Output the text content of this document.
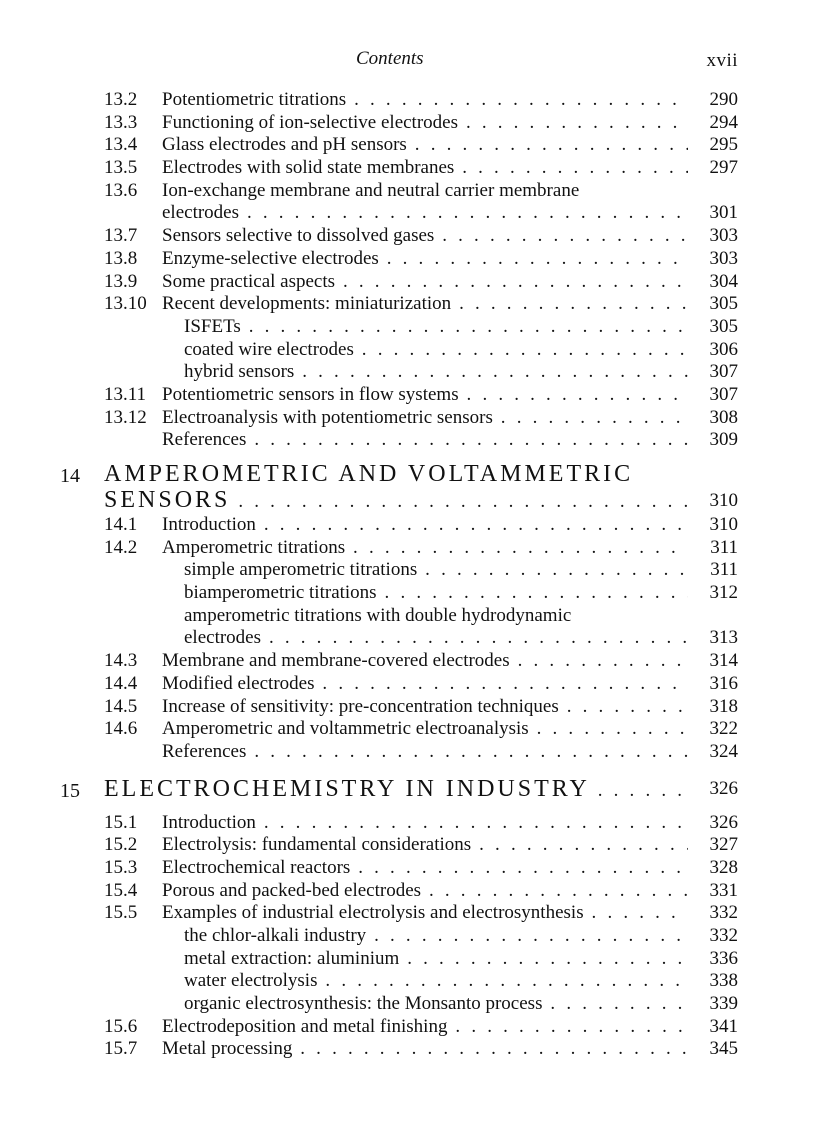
Contents	xvii
13.2 Potentiometric titrations . . .	290
13.3 Functioning of ion-selective electrodes . . .	294
13.4 Glass electrodes and pH sensors . . .	295
13.5 Electrodes with solid state membranes . . .	297
13.6 Ion-exchange membrane and neutral carrier membrane
electrodes . . .	301
13.7 Sensors selective to dissolved gases . . .	303
13.8 Enzyme-selective electrodes . . .	303
13.9 Some practical aspects . . .	304
13.10 Recent developments: miniaturization . . .	305
ISFETs . . .	305
coated wire electrodes . . .	306
hybrid sensors . . .	307
13.11 Potentiometric sensors in flow systems . . .	307
13.12 Electroanalysis with potentiometric sensors . . .	308
References . . .	309
14 AMPEROMETRIC AND VOLTAMMETRIC
SENSORS . . .	310
14.1 Introduction . . .	310
14.2 Amperometric titrations . . .	311
simple amperometric titrations . . .	311
biamperometric titrations . . .	312
amperometric titrations with double hydrodynamic
electrodes . . .	313
14.3 Membrane and membrane-covered electrodes . . .	314
14.4 Modified electrodes . . .	316
14.5 Increase of sensitivity: pre-concentration techniques . . .	318
14.6 Amperometric and voltammetric electroanalysis . . .	322
References . . .	324
15 ELECTROCHEMISTRY IN INDUSTRY . . .	326
15.1 Introduction . . .	326
15.2 Electrolysis: fundamental considerations . . .	327
15.3 Electrochemical reactors . . .	328
15.4 Porous and packed-bed electrodes . . .	331
15.5 Examples of industrial electrolysis and electrosynthesis . . .	332
the chlor-alkali industry . . .	332
metal extraction: aluminium . . .	336
water electrolysis . . .	338
organic electrosynthesis: the Monsanto process . . .	339
15.6 Electrodeposition and metal finishing . . .	341
15.7 Metal processing . . .	345
